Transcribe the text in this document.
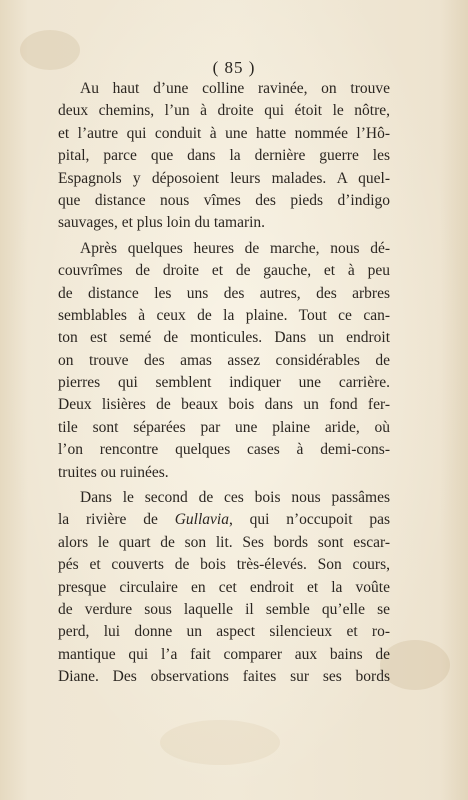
( 85 )
Au haut d’une colline ravinée, on trouve
deux chemins, l’un à droite qui étoit le nôtre,
et l’autre qui conduit à une hatte nommée l’Hô-
pital, parce que dans la dernière guerre les
Espagnols y déposoient leurs malades. A quel-
que distance nous vîmes des pieds d’indigo
sauvages, et plus loin du tamarin.
Après quelques heures de marche, nous dé-
couvrîmes de droite et de gauche, et à peu
de distance les uns des autres, des arbres
semblables à ceux de la plaine. Tout ce can-
ton est semé de monticules. Dans un endroit
on trouve des amas assez considérables de
pierres qui semblent indiquer une carrière.
Deux lisières de beaux bois dans un fond fer-
tile sont séparées par une plaine aride, où
l’on rencontre quelques cases à demi-cons-
truites ou ruinées.
Dans le second de ces bois nous passâmes
la rivière de Gullavia, qui n’occupoit pas
alors le quart de son lit. Ses bords sont escar-
pés et couverts de bois très-élevés. Son cours,
presque circulaire en cet endroit et la voûte
de verdure sous laquelle il semble qu’elle se
perd, lui donne un aspect silencieux et ro-
mantique qui l’a fait comparer aux bains de
Diane. Des observations faites sur ses bords
